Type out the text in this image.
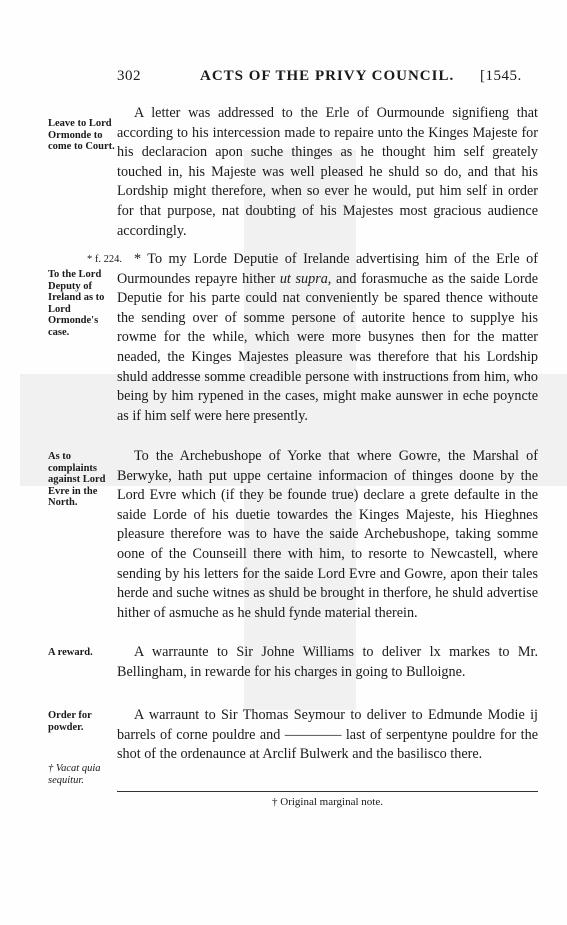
302	ACTS OF THE PRIVY COUNCIL. [1545.
Leave to Lord Ormonde to come to Court.
* f. 224.
To the Lord Deputy of Ireland as to Lord Ormonde's case.
As to complaints against Lord Evre in the North.
A reward.
Order for powder.
† Vacat quia sequitur.

A letter was addressed to the Erle of Ourmounde signifieng that according to his intercession made to repaire unto the Kinges Majeste for his declaracion apon suche thinges as he thought him self greately touched in, his Majeste was well pleased he shuld so do, and that his Lordship might therefore, when so ever he would, put him self in order for that purpose, nat doubting of his Majestes most gracious audience accordingly.

* To my Lorde Deputie of Irelande advertising him of the Erle of Ourmoundes repayre hither ut supra, and forasmuche as the saide Lorde Deputie for his parte could nat conveniently be spared thence withoute the sending over of somme persone of autorite hence to supplye his rowme for the while, which were more busynes then for the matter neaded, the Kinges Majestes pleasure was therefore that his Lordship shuld addresse somme creadible persone with instructions from him, who being by him rypened in the cases, might make aunswer in eche poyncte as if him self were here presently.

To the Archebushope of Yorke that where Gowre, the Marshal of Berwyke, hath put uppe certaine informacion of thinges doone by the Lord Evre which (if they be founde true) declare a grete defaulte in the saide Lorde of his duetie towardes the Kinges Majeste, his Hieghnes pleasure therefore was to have the saide Archebushope, taking somme oone of the Counseill there with him, to resorte to Newcastell, where sending by his letters for the saide Lord Evre and Gowre, apon their tales herde and suche witnes as shuld be brought in therfore, he shuld advertise hither of asmuche as he shuld fynde material therein.

A warraunte to Sir Johne Williams to deliver lx markes to Mr. Bellingham, in rewarde for his charges in going to Bulloigne.

A warraunt to Sir Thomas Seymour to deliver to Edmunde Modie ij barrels of corne pouldre and ———— last of serpentyne pouldre for the shot of the ordenaunce at Arclif Bulwerk and the basilisco there.

† Original marginal note.
